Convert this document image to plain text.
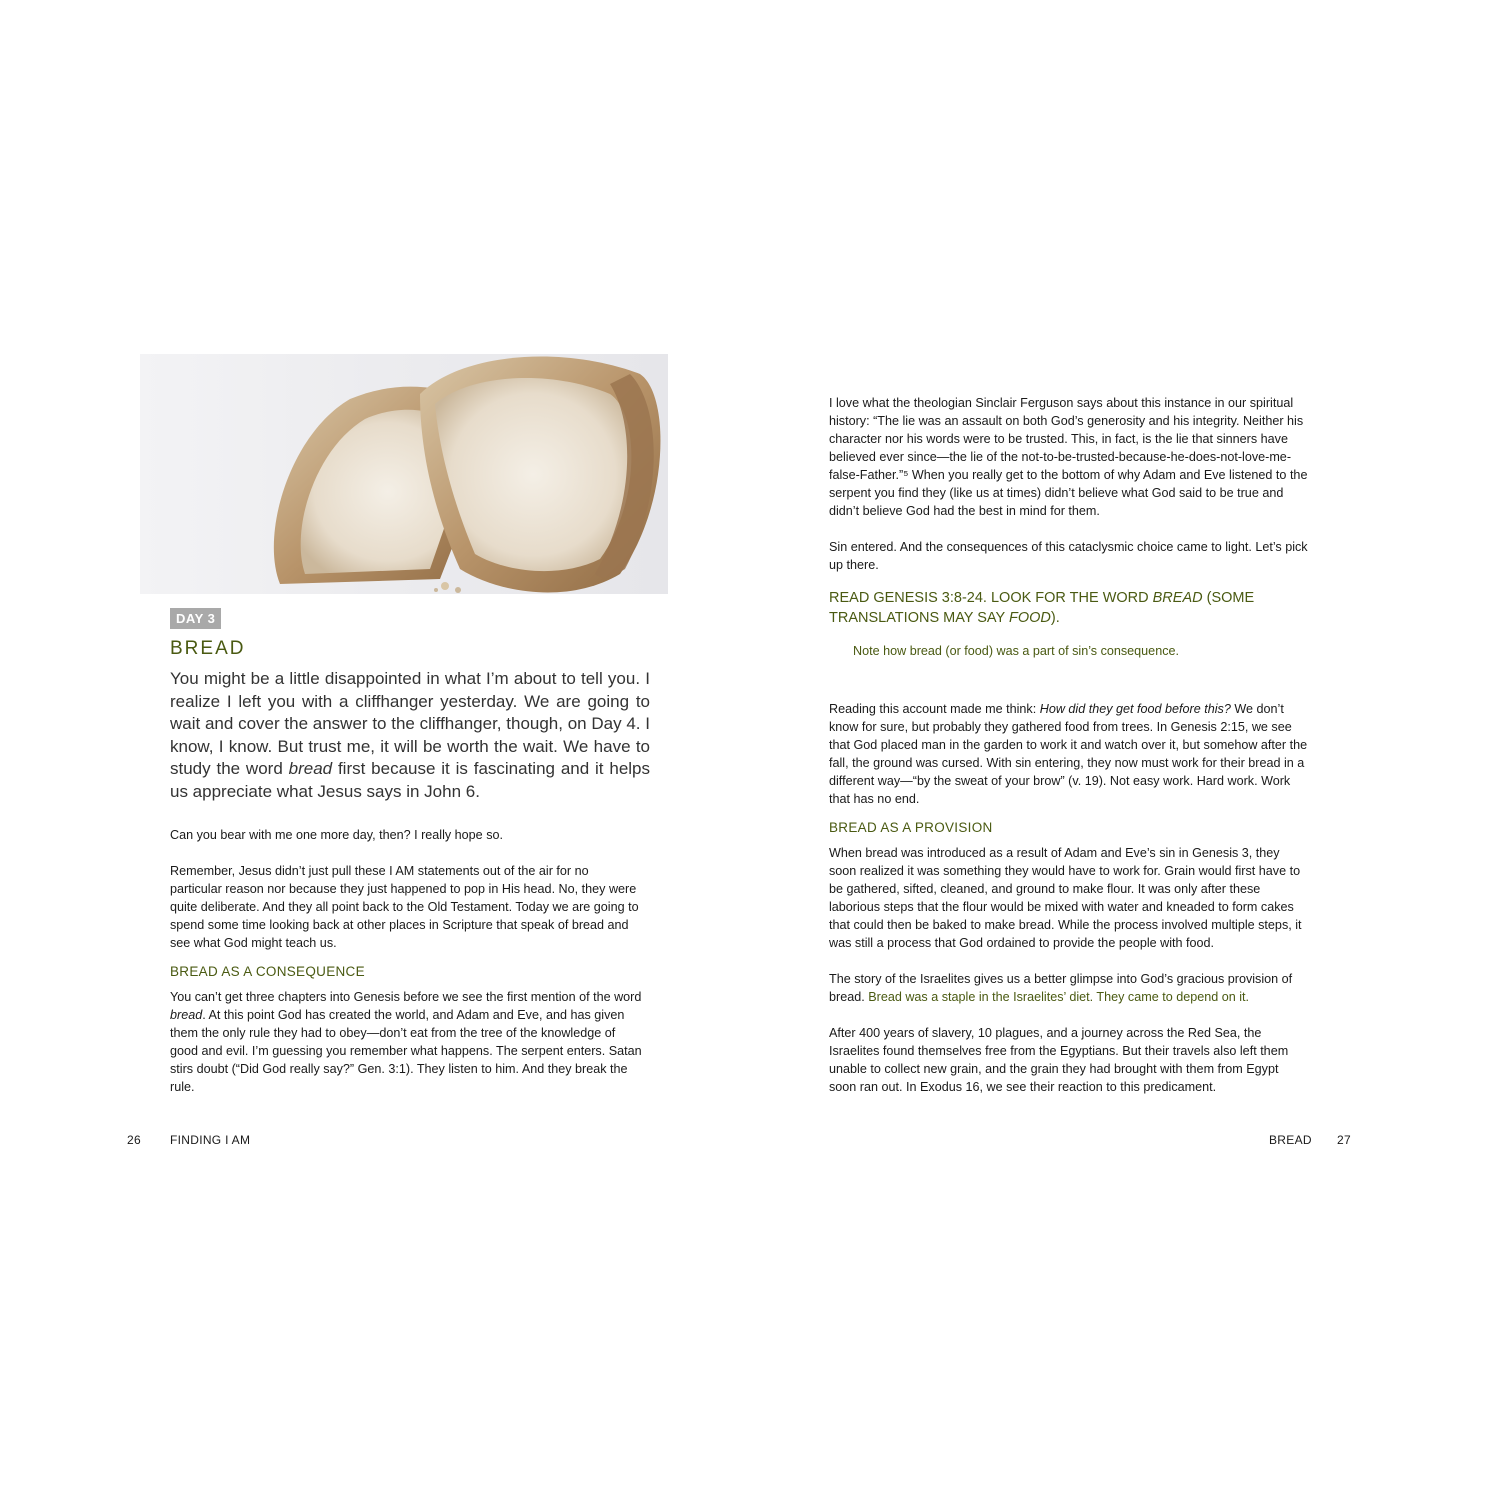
DAY 3
BREAD

You might be a little disappointed in what I’m about to tell you. I realize I left you with a cliffhanger yesterday. We are going to wait and cover the answer to the cliffhanger, though, on Day 4. I know, I know. But trust me, it will be worth the wait. We have to study the word bread first because it is fascinating and it helps us appreciate what Jesus says in John 6.

Can you bear with me one more day, then? I really hope so.

Remember, Jesus didn’t just pull these I AM statements out of the air for no particular reason nor because they just happened to pop in His head. No, they were quite deliberate. And they all point back to the Old Testament. Today we are going to spend some time looking back at other places in Scripture that speak of bread and see what God might teach us.

BREAD AS A CONSEQUENCE

You can’t get three chapters into Genesis before we see the first mention of the word bread. At this point God has created the world, and Adam and Eve, and has given them the only rule they had to obey—don’t eat from the tree of the knowledge of good and evil. I’m guessing you remember what happens. The serpent enters. Satan stirs doubt (“Did God really say?” Gen. 3:1). They listen to him. And they break the rule.

26 FINDING I AM

I love what the theologian Sinclair Ferguson says about this instance in our spiritual history: “The lie was an assault on both God’s generosity and his integrity. Neither his character nor his words were to be trusted. This, in fact, is the lie that sinners have believed ever since—the lie of the not-to-be-trusted-because-he-does-not-love-me-false-Father.”⁵ When you really get to the bottom of why Adam and Eve listened to the serpent you find they (like us at times) didn’t believe what God said to be true and didn’t believe God had the best in mind for them.

Sin entered. And the consequences of this cataclysmic choice came to light. Let’s pick up there.

READ GENESIS 3:8-24. LOOK FOR THE WORD BREAD (SOME TRANSLATIONS MAY SAY FOOD).
Note how bread (or food) was a part of sin’s consequence.

Reading this account made me think: How did they get food before this? We don’t know for sure, but probably they gathered food from trees. In Genesis 2:15, we see that God placed man in the garden to work it and watch over it, but somehow after the fall, the ground was cursed. With sin entering, they now must work for their bread in a different way—“by the sweat of your brow” (v. 19). Not easy work. Hard work. Work that has no end.

BREAD AS A PROVISION

When bread was introduced as a result of Adam and Eve’s sin in Genesis 3, they soon realized it was something they would have to work for. Grain would first have to be gathered, sifted, cleaned, and ground to make flour. It was only after these laborious steps that the flour would be mixed with water and kneaded to form cakes that could then be baked to make bread. While the process involved multiple steps, it was still a process that God ordained to provide the people with food.

The story of the Israelites gives us a better glimpse into God’s gracious provision of bread. Bread was a staple in the Israelites’ diet. They came to depend on it.

After 400 years of slavery, 10 plagues, and a journey across the Red Sea, the Israelites found themselves free from the Egyptians. But their travels also left them unable to collect new grain, and the grain they had brought with them from Egypt soon ran out. In Exodus 16, we see their reaction to this predicament.

BREAD 27
